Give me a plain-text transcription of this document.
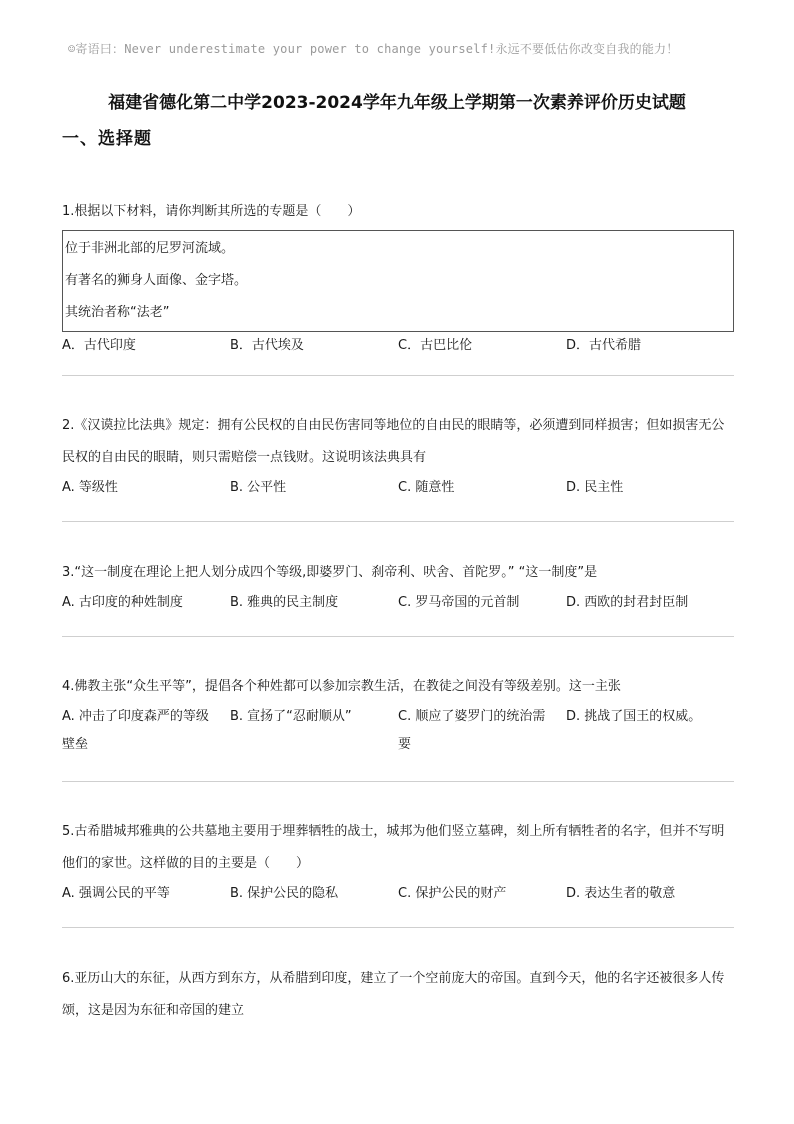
☺寄语曰：Never underestimate your power to change yourself!永远不要低估你改变自我的能力！
福建省德化第二中学2023-2024学年九年级上学期第一次素养评价历史试题
一、选择题

1.根据以下材料，请你判断其所选的专题是（　　）

位于非洲北部的尼罗河流域。
有著名的狮身人面像、金字塔。
其统治者称“法老”
A．古代印度	B．古代埃及	C．古巴比伦	D．古代希腊

2.《汉谟拉比法典》规定：拥有公民权的自由民伤害同等地位的自由民的眼睛等，必须遭到同样损害；但如损害无公民权的自由民的眼睛，则只需赔偿一点钱财。这说明该法典具有

A. 等级性	B. 公平性	C. 随意性	D. 民主性

3.“这一制度在理论上把人划分成四个等级,即婆罗门、刹帝利、吠舍、首陀罗。” “这一制度”是

A. 古印度的种姓制度	B. 雅典的民主制度	C. 罗马帝国的元首制	D. 西欧的封君封臣制

4.佛教主张“众生平等”，提倡各个种姓都可以参加宗教生活，在教徒之间没有等级差别。这一主张

A. 冲击了印度森严的等级壁垒
B. 宣扬了“忍耐顺从”	C. 顺应了婆罗门的统治需要
D. 挑战了国王的权威。

5.古希腊城邦雅典的公共墓地主要用于埋葬牺牲的战士，城邦为他们竖立墓碑，刻上所有牺牲者的名字，但并不写明他们的家世。这样做的目的主要是（　　）

A. 强调公民的平等	B. 保护公民的隐私	C. 保护公民的财产	D. 表达生者的敬意

6.亚历山大的东征，从西方到东方，从希腊到印度，建立了一个空前庞大的帝国。直到今天，他的名字还被很多人传颂，这是因为东征和帝国的建立
